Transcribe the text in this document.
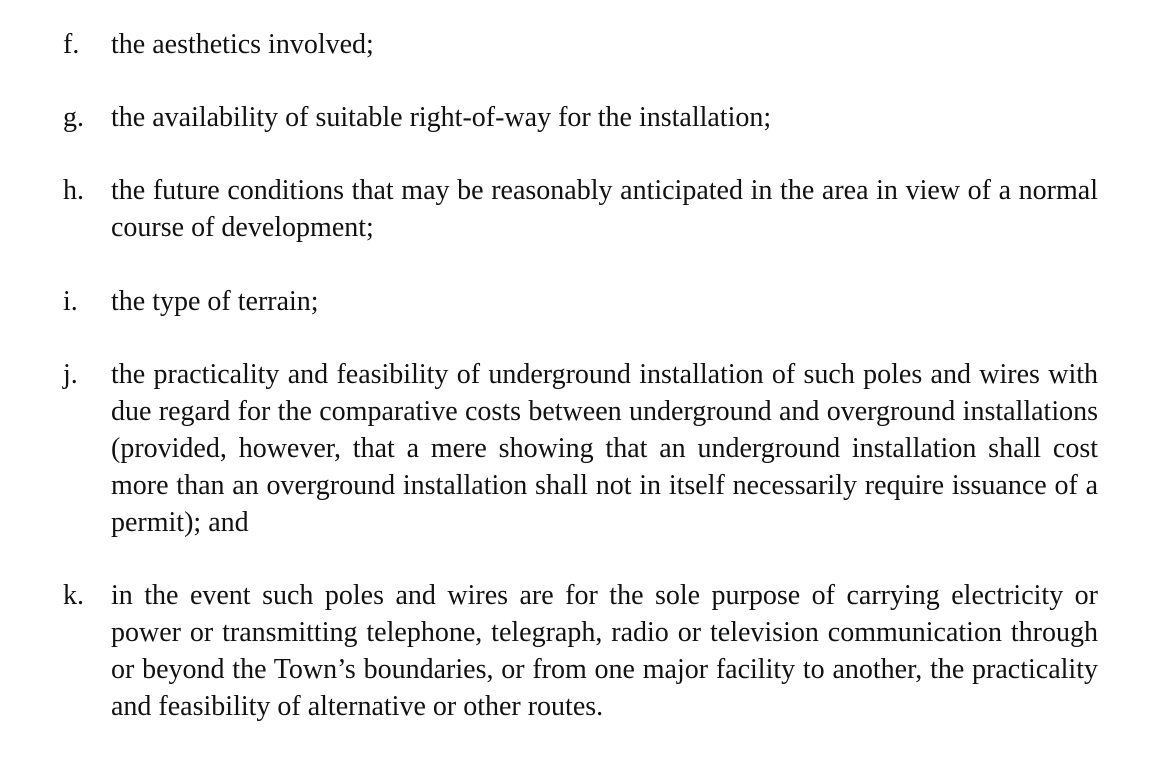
f.	the aesthetics involved;
g. the availability of suitable right-of-way for the installation;
h. the future conditions that may be reasonably anticipated in the area in view of a normal course of development;
i.	the type of terrain;
j.	the practicality and feasibility of underground installation of such poles and wires with due regard for the comparative costs between underground and overground installations (provided, however, that a mere showing that an underground installation shall cost more than an overground installation shall not in itself necessarily require issuance of a permit); and
k. in the event such poles and wires are for the sole purpose of carrying electricity or power or transmitting telephone, telegraph, radio or television communication through or beyond the Town’s boundaries, or from one major facility to another, the practicality and feasibility of alternative or other routes.
